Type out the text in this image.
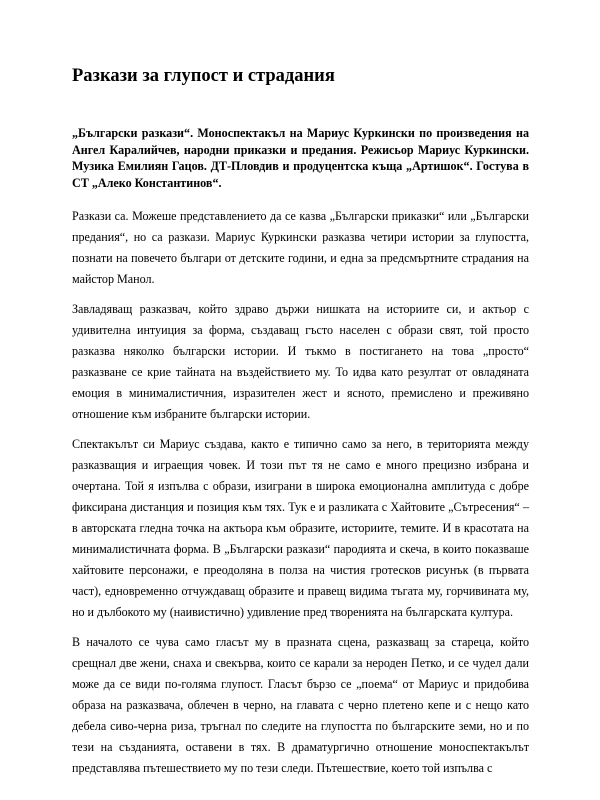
Разкази за глупост и страдания

„Български разкази“. Моноспектакъл на Мариус Куркински по произведения на Ангел Каралийчев, народни приказки и предания. Режисьор Мариус Куркински. Музика Емилиян Гацов. ДТ-Пловдив и продуцентска къща „Артишок“. Гостува в СТ „Алеко Константинов“.

Разкази са. Можеше представлението да се казва „Български приказки“ или „Български предания“, но са разкази. Мариус Куркински разказва четири истории за глупостта, познати на повечето българи от детските години, и една за предсмъртните страдания на майстор Манол.

Завладяващ разказвач, който здраво държи нишката на историите си, и актьор с удивителна интуиция за форма, създаващ гъсто населен с образи свят, той просто разказва няколко български истории. И тъкмо в постигането на това „просто“ разказване се крие тайната на въздействието му. То идва като резултат от овладяната емоция в минималистичния, изразителен жест и ясното, премислено и преживяно отношение към избраните български истории.

Спектакълът си Мариус създава, както е типично само за него, в територията между разказващия и играещия човек. И този път тя не само е много прецизно избрана и очертана. Той я изпълва с образи, изиграни в широка емоционална амплитуда с добре фиксирана дистанция и позиция към тях. Тук е и разликата с Хайтовите „Сътресения“ – в авторската гледна точка на актьора към образите, историите, темите. И в красотата на минималистичната форма. В „Български разкази“ пародията и скеча, в които показваше хайтовите персонажи, е преодоляна в полза на чистия гротесков рисунък (в първата част), едновременно отчуждаващ образите и правещ видима тъгата му, горчивината му, но и дълбокото му (наивистично) удивление пред творенията на българската култура.

В началото се чува само гласът му в празната сцена, разказващ за стареца, който срещнал две жени, снаха и свекърва, които се карали за нероден Петко, и се чудел дали може да се види по-голяма глупост. Гласът бързо се „поема“ от Мариус и придобива образа на разказвача, облечен в черно, на главата с черно плетено кепе и с нещо като дебела сиво-черна риза, тръгнал по следите на глупостта по българските земи, но и по тези на създанията, оставени в тях. В драматургично отношение моноспектакълът представлява пътешествието му по тези следи. Пътешествие, което той изпълва с
